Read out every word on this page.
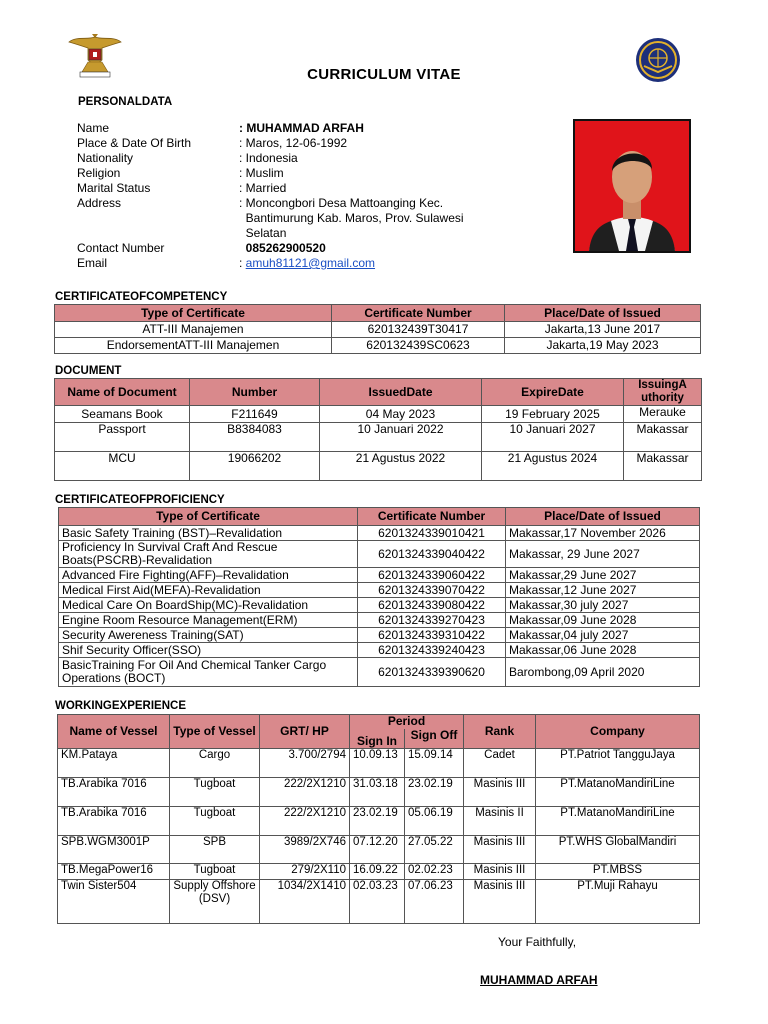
CURRICULUM VITAE
PERSONALDATA
Name	: MUHAMMAD ARFAH
Place & Date Of Birth	: Maros, 12-06-1992
Nationality	: Indonesia
Religion	: Muslim
Marital Status	: Married
Address	: Moncongbori Desa Mattoanging Kec.
Bantimurung Kab. Maros, Prov. Sulawesi
Selatan
Contact Number	085262900520
Email	: amuh81121@gmail.com
CERTIFICATEOFCOMPETENCY
Type of Certificate	Certificate Number	Place/Date of Issued
ATT-III Manajemen	620132439T30417	Jakarta,13 June 2017
EndorsementATT-III Manajemen	620132439SC0623	Jakarta,19 May 2023
DOCUMENT
Name of Document	Number	IssuedDate	ExpireDate	IssuingA uthority
Seamans Book	F211649	04 May 2023	19 February 2025	Merauke
Passport	B8384083	10 Januari 2022	10 Januari 2027	Makassar
MCU	19066202	21 Agustus 2022	21 Agustus 2024	Makassar
CERTIFICATEOFPROFICIENCY
Type of Certificate	Certificate Number	Place/Date of Issued
Basic Safety Training (BST)–Revalidation	6201324339010421	Makassar,17 November 2026
Proficiency In Survival Craft And Rescue Boats(PSCRB)-Revalidation	6201324339040422	Makassar, 29 June 2027
Advanced Fire Fighting(AFF)–Revalidation	6201324339060422	Makassar,29 June 2027
Medical First Aid(MEFA)-Revalidation	6201324339070422	Makassar,12 June 2027
Medical Care On BoardShip(MC)-Revalidation	6201324339080422	Makassar,30 july 2027
Engine Room Resource Management(ERM)	6201324339270423	Makassar,09 June 2028
Security Awereness Training(SAT)	6201324339310422	Makassar,04 july 2027
Shif Security Officer(SSO)	6201324339240423	Makassar,06 June 2028
BasicTraining For Oil And Chemical Tanker Cargo Operations (BOCT)	6201324339390620	Barombong,09 April 2020
WORKINGEXPERIENCE
Name of Vessel	Type of Vessel	GRT/ HP	Period		Rank	Company
			Sign In	Sign Off		
KM.Pataya	Cargo	3.700/2794	10.09.13	15.09.14	Cadet	PT.Patriot TangguJaya
TB.Arabika 7016	Tugboat	222/2X1210	31.03.18	23.02.19	Masinis III	PT.MatanoMandiriLine
TB.Arabika 7016	Tugboat	222/2X1210	23.02.19	05.06.19	Masinis II	PT.MatanoMandiriLine
SPB.WGM3001P	SPB	3989/2X746	07.12.20	27.05.22	Masinis III	PT.WHS GlobalMandiri
TB.MegaPower16	Tugboat	279/2X110	16.09.22	02.02.23	Masinis III	PT.MBSS
Twin Sister504	Supply Offshore (DSV)	1034/2X1410	02.03.23	07.06.23	Masinis III	PT.Muji Rahayu
Your Faithfully,
MUHAMMAD ARFAH
